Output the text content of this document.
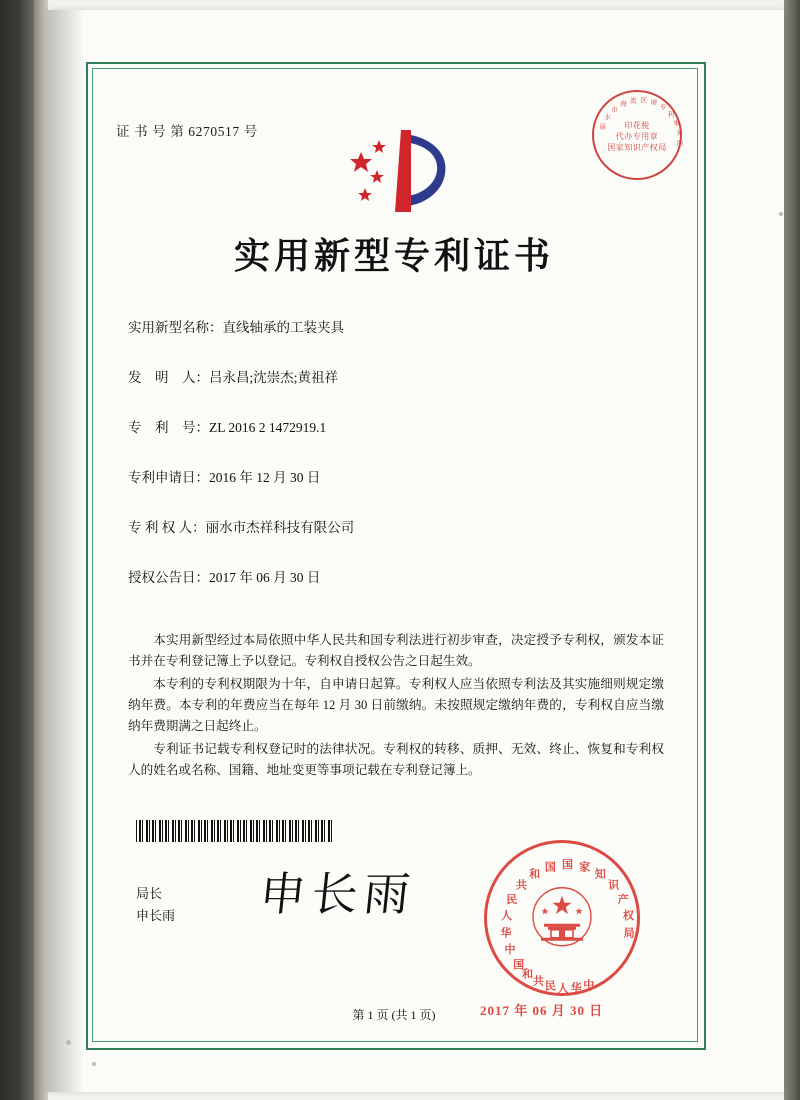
证 书 号 第 6270517 号	丽
水
市
海 流 区 增
专
利
事
务
所
印花税
代办专用章
国家知识产权局
实用新型专利证书
实用新型名称：直线轴承的工装夹具
发　明　人：吕永昌;沈崇杰;黄祖祥
专　利　号：ZL 2016 2 1472919.1
专利申请日：2016 年 12 月 30 日
专 利 权 人：丽水市杰祥科技有限公司
授权公告日：2017 年 06 月 30 日

本实用新型经过本局依照中华人民共和国专利法进行初步审查，决定授予专利权，颁发本证书并在专利登记簿上予以登记。专利权自授权公告之日起生效。

本专利的专利权期限为十年，自申请日起算。专利权人应当依照专利法及其实施细则规定缴纳年费。本专利的年费应当在每年 12 月 30 日前缴纳。未按照规定缴纳年费的，专利权自应当缴纳年费期满之日起终止。

专利证书记载专利权登记时的法律状况。专利权的转移、质押、无效、终止、恢复和专利权人的姓名或名称、国籍、地址变更等事项记载在专利登记簿上。

局长
申长雨 申长雨
中
华
人
民
共
和
国 国 家
知
识
产
权
局
中
华
人
民
共
和
国
2017 年 06 月 30 日
第 1 页 (共 1 页)
